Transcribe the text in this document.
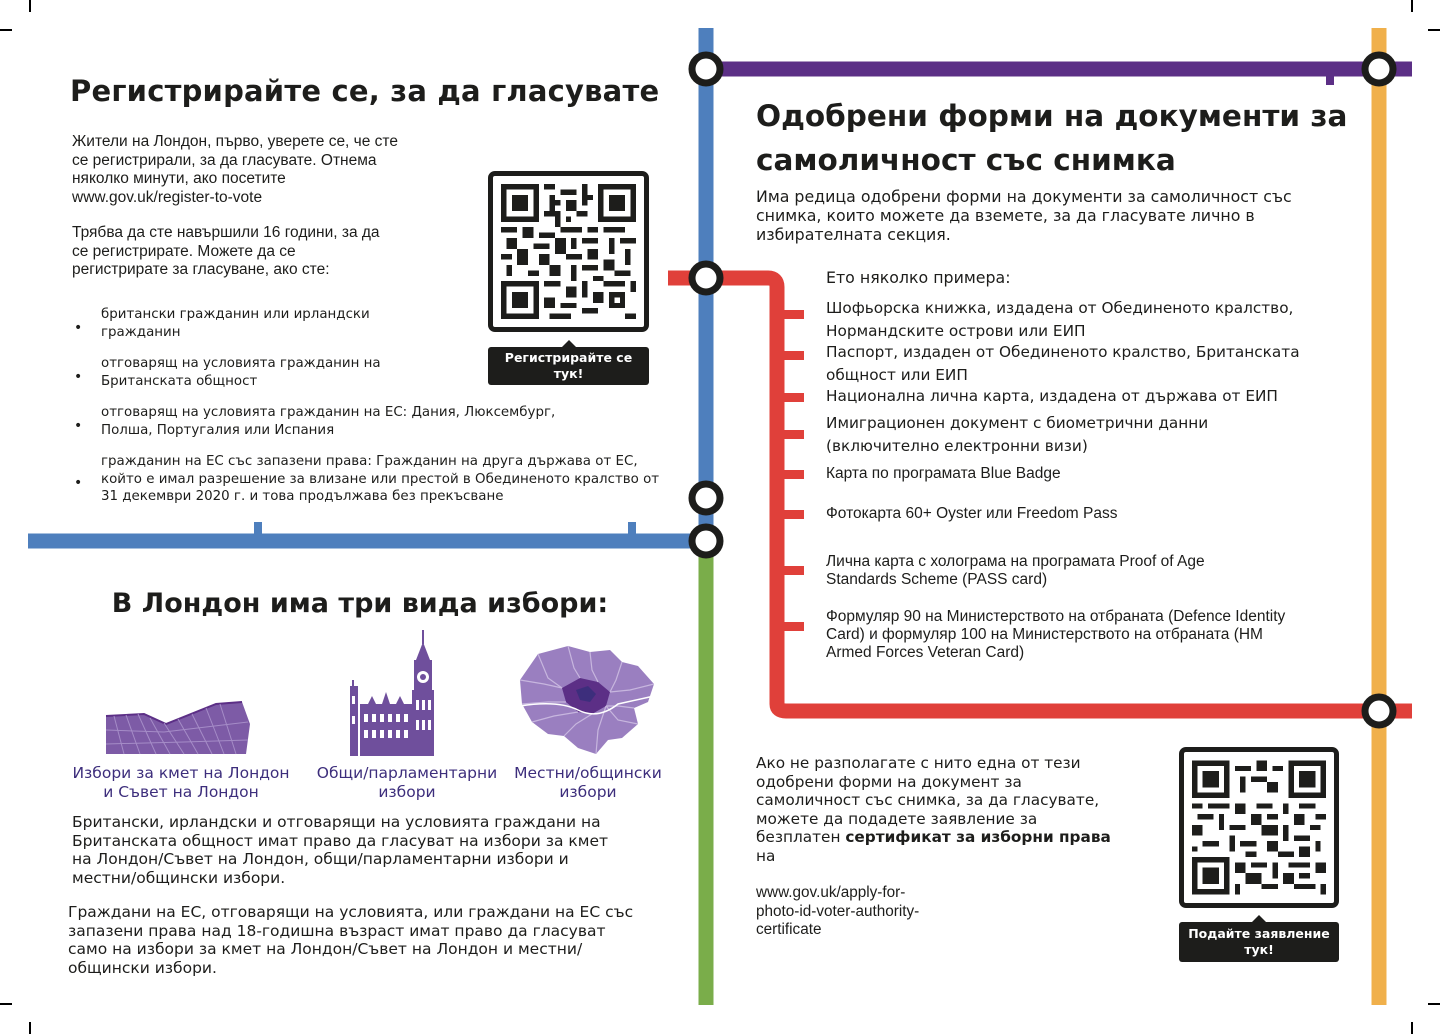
Регистрирайте се, за да гласувате
Жители на Лондон, първо, уверете се, че сте се регистрирали, за да гласувате. Отнема няколко минути, ако посетите www.gov.uk/register-to-vote
Трябва да сте навършили 16 години, за да се регистрирате. Можете да се регистрирате за гласуване, ако сте:
•
британски гражданин или ирландски гражданин
•
отговарящ на условията гражданин на Британската общност
•
отговарящ на условията гражданин на ЕС: Дания, Люксембург, Полша, Португалия или Испания
•
гражданин на ЕС със запазени права: Гражданин на друга държава от ЕС, който е имал разрешение за влизане или престой в Обединеното кралство от 31 декември 2020 г. и това продължава без прекъсване
Регистрирайте се тук!
В Лондон има три вида избори:
Избори за кмет на Лондон и Съвет на Лондон
Общи/парламентарни избори
Местни/общински избори
Британски, ирландски и отговарящи на условията граждани на Британската общност имат право да гласуват на избори за кмет на Лондон/Съвет на Лондон, общи/парламентарни избори и местни/общински избори.
Граждани на ЕС, отговарящи на условията, или граждани на ЕС със запазени права над 18-годишна възраст имат право да гласуват само на избори за кмет на Лондон/Съвет на Лондон и местни/общински избори.
Одобрени форми на документи за
самоличност със снимка
Има редица одобрени форми на документи за самоличност със снимка, които можете да вземете, за да гласувате лично в избирателната секция.
Ето няколко примера:
Шофьорска книжка, издадена от Обединеното кралство, Нормандските острови или ЕИП
Паспорт, издаден от Обединеното кралство, Британската общност или ЕИП
Национална лична карта, издадена от държава от ЕИП
Имиграционен документ с биометрични данни (включително електронни визи)
Карта по програмата Blue Badge
Фотокарта 60+ Oyster или Freedom Pass
Лична карта с холограма на програмата Proof of Age Standards Scheme (PASS card)
Формуляр 90 на Министерството на отбраната (Defence Identity Card) и формуляр 100 на Министерството на отбраната (HM Armed Forces Veteran Card)
Ако не разполагате с нито една от тези одобрени форми на документ за самоличност със снимка, за да гласувате, можете да подадете заявление за безплатен сертификат за изборни права на
www.gov.uk/apply-for-photo-id-voter-authority-certificate	Подайте заявление тук!
